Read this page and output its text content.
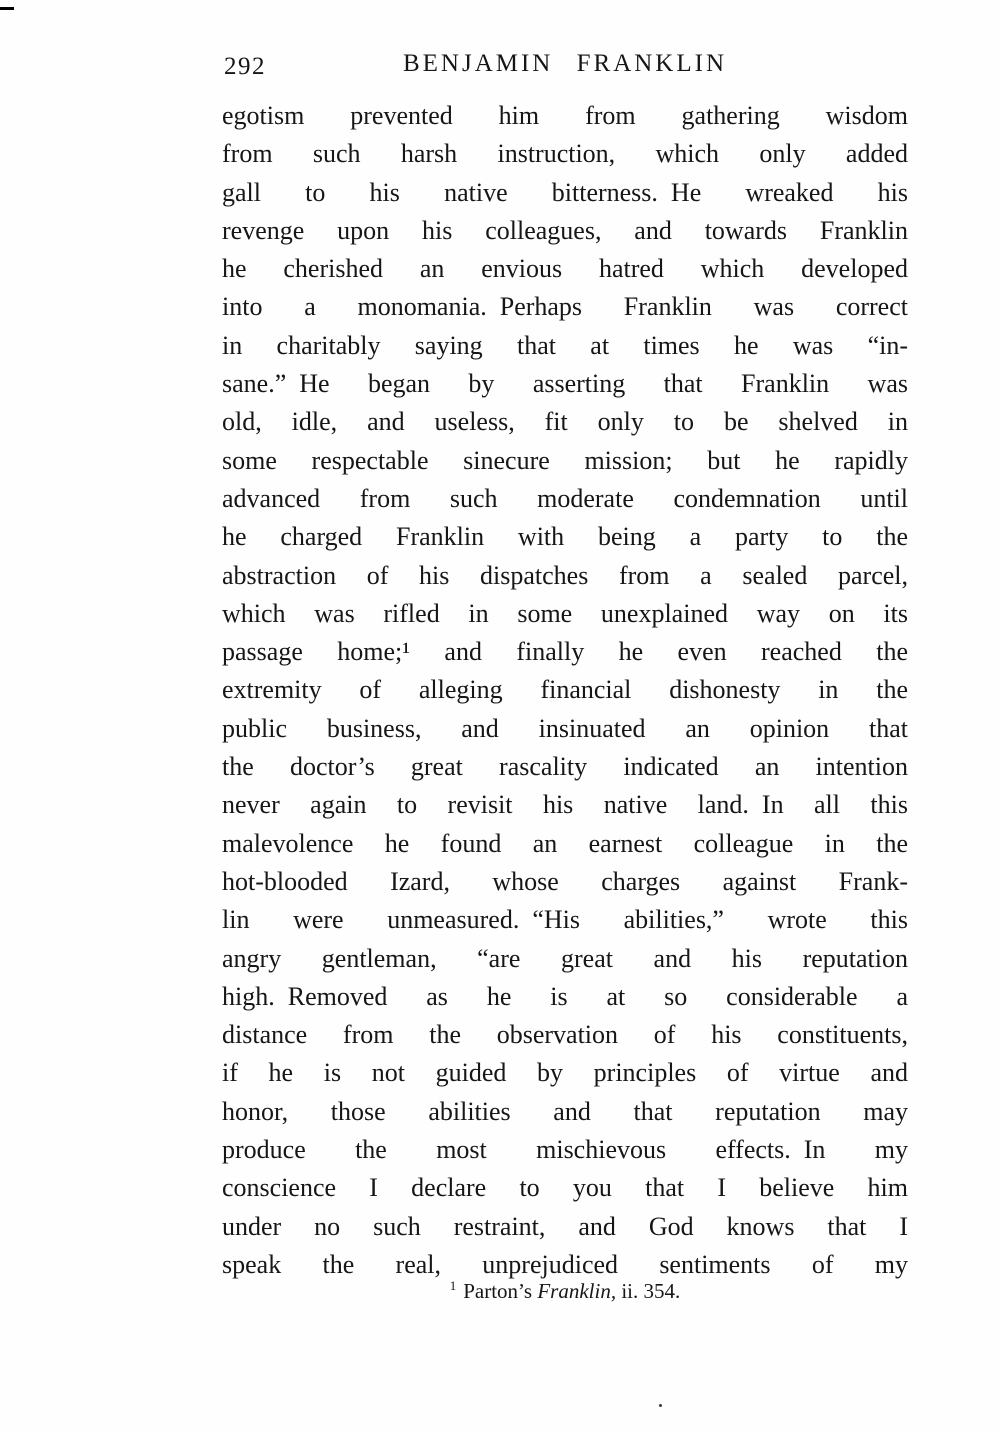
292	BENJAMIN FRANKLIN
egotism prevented him from gathering wisdom
from such harsh instruction, which only added
gall to his native bitterness. He wreaked his
revenge upon his colleagues, and towards Franklin
he cherished an envious hatred which developed
into a monomania. Perhaps Franklin was correct
in charitably saying that at times he was “in-
sane.” He began by asserting that Franklin was
old, idle, and useless, fit only to be shelved in
some respectable sinecure mission; but he rapidly
advanced from such moderate condemnation until
he charged Franklin with being a party to the
abstraction of his dispatches from a sealed parcel,
which was rifled in some unexplained way on its
passage home;¹ and finally he even reached the
extremity of alleging financial dishonesty in the
public business, and insinuated an opinion that
the doctor’s great rascality indicated an intention
never again to revisit his native land. In all this
malevolence he found an earnest colleague in the
hot-blooded Izard, whose charges against Frank-
lin were unmeasured. “His abilities,” wrote this
angry gentleman, “are great and his reputation
high. Removed as he is at so considerable a
distance from the observation of his constituents,
if he is not guided by principles of virtue and
honor, those abilities and that reputation may
produce the most mischievous effects. In my
conscience I declare to you that I believe him
under no such restraint, and God knows that I
speak the real, unprejudiced sentiments of my
$^1$ Parton’s Franklin, ii. 354.
